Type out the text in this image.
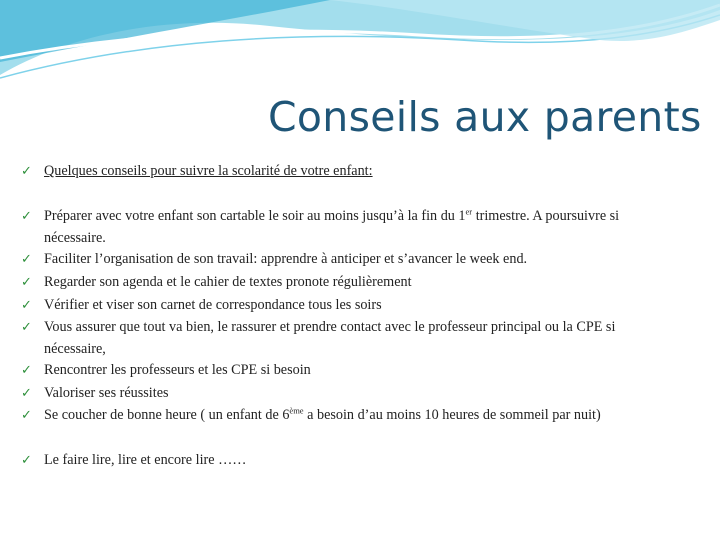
Conseils aux parents
✓ Quelques conseils pour suivre la scolarité de votre enfant:
✓ Préparer avec votre enfant son cartable le soir au moins jusqu’à la fin du 1er trimestre. A poursuivre si nécessaire.
✓ Faciliter l’organisation de son travail: apprendre à anticiper et s’avancer le week end.
✓ Regarder son agenda et le cahier de textes pronote régulièrement
✓ Vérifier et viser son carnet de correspondance tous les soirs
✓ Vous assurer que tout va bien, le rassurer et prendre contact avec le professeur principal ou la CPE si nécessaire,
✓ Rencontrer les professeurs et les CPE si besoin
✓ Valoriser ses réussites
✓ Se coucher de bonne heure ( un enfant de 6ème a besoin d’au moins 10 heures de sommeil par nuit)
✓ Le faire lire, lire et encore lire ……
